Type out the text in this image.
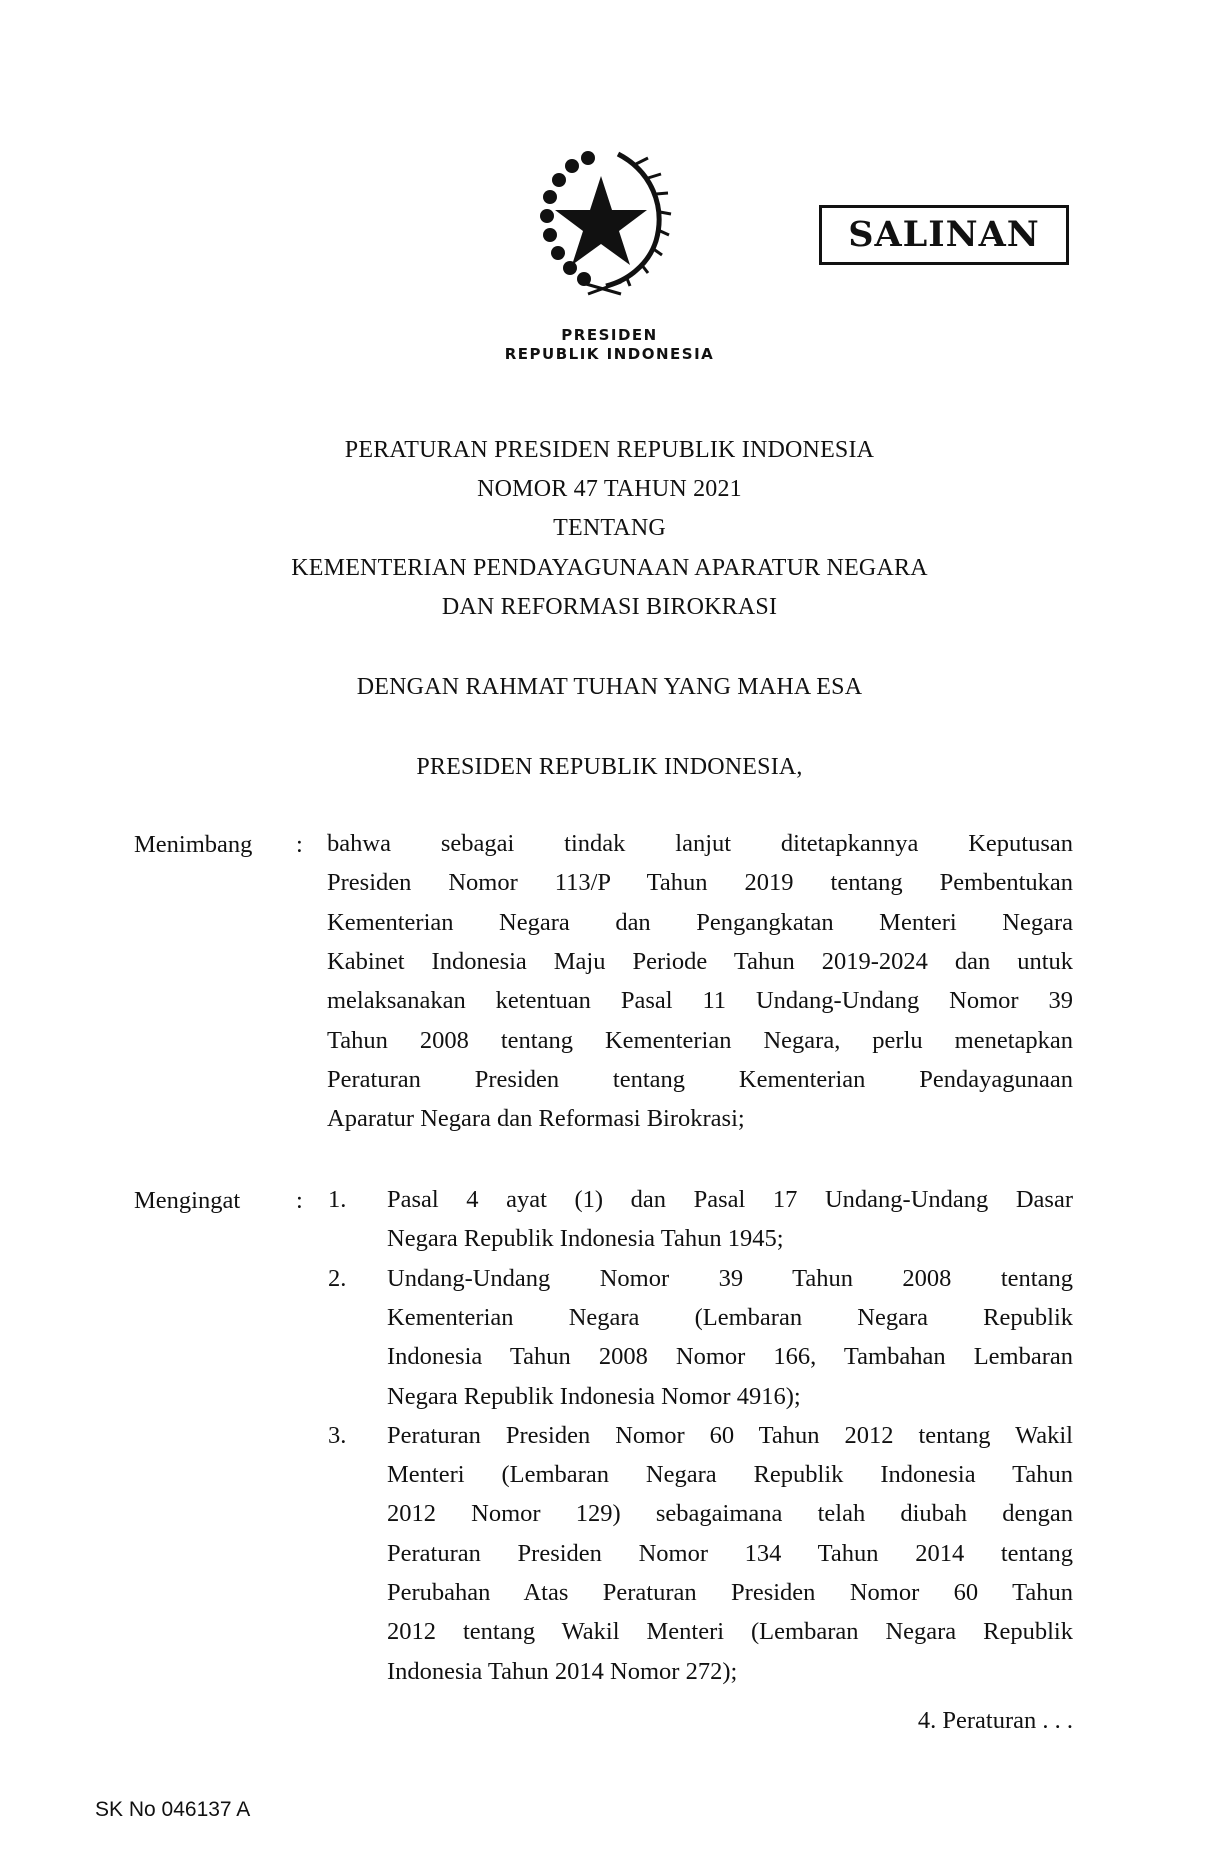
SALINAN
PRESIDEN
REPUBLIK INDONESIA
PERATURAN PRESIDEN REPUBLIK INDONESIA
NOMOR 47 TAHUN 2021
TENTANG
KEMENTERIAN PENDAYAGUNAAN APARATUR NEGARA
DAN REFORMASI BIROKRASI
DENGAN RAHMAT TUHAN YANG MAHA ESA
PRESIDEN REPUBLIK INDONESIA,
Menimbang : bahwa sebagai tindak lanjut ditetapkannya Keputusan
Presiden Nomor 113/P Tahun 2019 tentang Pembentukan
Kementerian Negara dan Pengangkatan Menteri Negara
Kabinet Indonesia Maju Periode Tahun 2019-2024 dan untuk
melaksanakan ketentuan Pasal 11 Undang-Undang Nomor 39
Tahun 2008 tentang Kementerian Negara, perlu menetapkan
Peraturan Presiden tentang Kementerian Pendayagunaan
Aparatur Negara dan Reformasi Birokrasi;
Mengingat : 1. Pasal 4 ayat (1) dan Pasal 17 Undang-Undang Dasar
Negara Republik Indonesia Tahun 1945;
2. Undang-Undang Nomor 39 Tahun 2008 tentang
Kementerian Negara (Lembaran Negara Republik
Indonesia Tahun 2008 Nomor 166, Tambahan Lembaran
Negara Republik Indonesia Nomor 4916);
3. Peraturan Presiden Nomor 60 Tahun 2012 tentang Wakil
Menteri (Lembaran Negara Republik Indonesia Tahun
2012 Nomor 129) sebagaimana telah diubah dengan
Peraturan Presiden Nomor 134 Tahun 2014 tentang
Perubahan Atas Peraturan Presiden Nomor 60 Tahun
2012 tentang Wakil Menteri (Lembaran Negara Republik
Indonesia Tahun 2014 Nomor 272);
4. Peraturan . . .
SK No 046137 A
